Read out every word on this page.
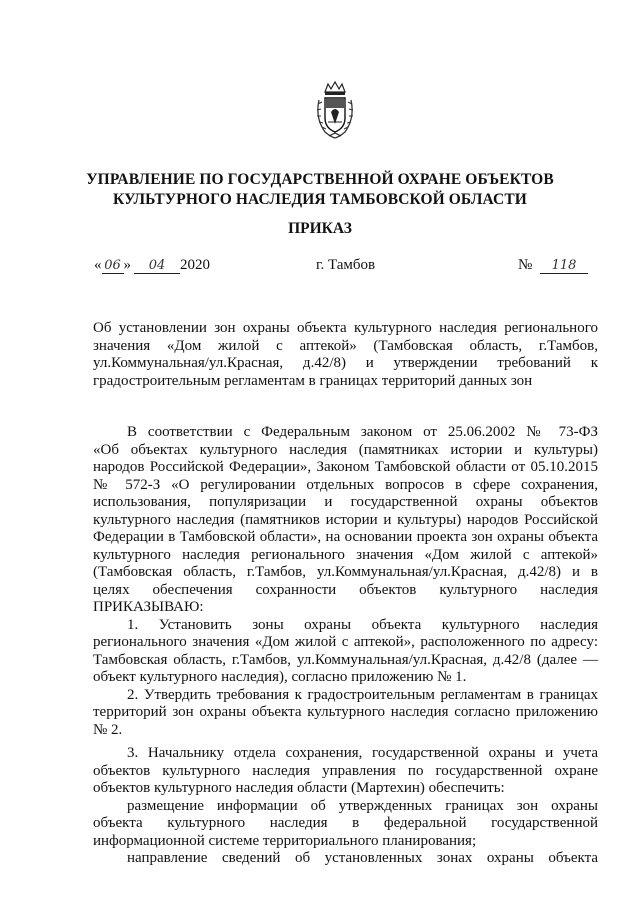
УПРАВЛЕНИЕ ПО ГОСУДАРСТВЕННОЙ ОХРАНЕ ОБЪЕКТОВ
КУЛЬТУРНОГО НАСЛЕДИЯ ТАМБОВСКОЙ ОБЛАСТИ
ПРИКАЗ
« 06 » 04 2020	г. Тамбов	№ 118
Об установлении зон охраны объекта культурного наследия регионального
значения «Дом жилой с аптекой» (Тамбовская область, г.Тамбов,
ул.Коммунальная/ул.Красная, д.42/8) и утверждении требований к
градостроительным регламентам в границах территорий данных зон
В соответствии с Федеральным законом от 25.06.2002 № 73-ФЗ
«Об объектах культурного наследия (памятниках истории и культуры)
народов Российской Федерации», Законом Тамбовской области от 05.10.2015
№ 572-З «О регулировании отдельных вопросов в сфере сохранения,
использования, популяризации и государственной охраны объектов
культурного наследия (памятников истории и культуры) народов Российской
Федерации в Тамбовской области», на основании проекта зон охраны объекта
культурного наследия регионального значения «Дом жилой с аптекой»
(Тамбовская область, г.Тамбов, ул.Коммунальная/ул.Красная, д.42/8) и в
целях обеспечения сохранности объектов культурного наследия
ПРИКАЗЫВАЮ:
1. Установить зоны охраны объекта культурного наследия
регионального значения «Дом жилой с аптекой», расположенного по адресу:
Тамбовская область, г.Тамбов, ул.Коммунальная/ул.Красная, д.42/8 (далее —
объект культурного наследия), согласно приложению № 1.
2. Утвердить требования к градостроительным регламентам в границах
территорий зон охраны объекта культурного наследия согласно приложению
№ 2.
3. Начальнику отдела сохранения, государственной охраны и учета
объектов культурного наследия управления по государственной охране
объектов культурного наследия области (Мартехин) обеспечить:
размещение информации об утвержденных границах зон охраны
объекта культурного наследия в федеральной государственной
информационной системе территориального планирования;
направление сведений об установленных зонах охраны объекта
